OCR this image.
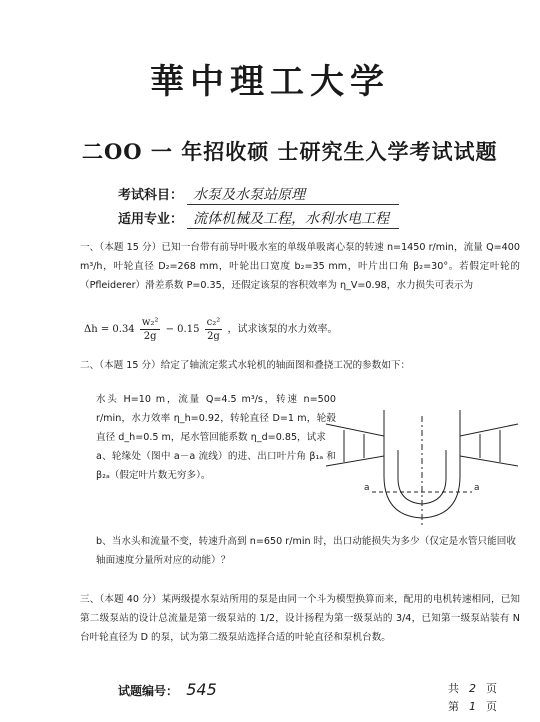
華中理工大学
二OO 一 年招收硕 士研究生入学考试试题
考试科目： 水泵及水泵站原理
适用专业： 流体机械及工程，水利水电工程
一、（本题 15 分）已知一台带有前导叶吸水室的单级单吸离心泵的转速 n=1450 r/min，流量 Q=400 m³/h，叶轮直径 D₂=268 mm，叶轮出口宽度 b₂=35 mm，叶片出口角 β₂=30°。若假定叶轮的（Pfleiderer）滑差系数 P=0.35，还假定该泵的容积效率为 η_V=0.98，水力损失可表示为
$\Delta h = 0.34 \frac{\text{w₂²}}{2g} - 0.15 \frac{\text{c₂²}}{2g}$ ，试求该泵的水力效率。
二、（本题 15 分）给定了轴流定浆式水轮机的轴面图和叠挠工况的参数如下：
水头 H=10 m，流量 Q=4.5 m³/s，转速 n=500 r/min，水力效率 η_h=0.92，转轮直径 D=1 m，轮毂直径 d_h=0.5 m，尾水管回能系数 η_d=0.85，试求
a、轮缘处（图中 a－a 流线）的进、出口叶片角 β₁ₐ 和 β₂ₐ（假定叶片数无穷多）。
b、当水头和流量不变，转速升高到 n=650 r/min 时，出口动能损失为多少（仅定是水管只能回收轴面速度分量所对应的动能）？
a	a
三、（本题 40 分）某两级提水泵站所用的泵是由同一个斗为模型换算而来，配用的电机转速相同，已知第二级泵站的设计总流量是第一级泵站的 1/2，设计扬程为第一级泵站的 3/4，已知第一级泵站装有 N 台叶轮直径为 D 的泵，试为第二级泵站选择合适的叶轮直径和泵机台数。
试题编号： 545	共 2 页
第 1 页
